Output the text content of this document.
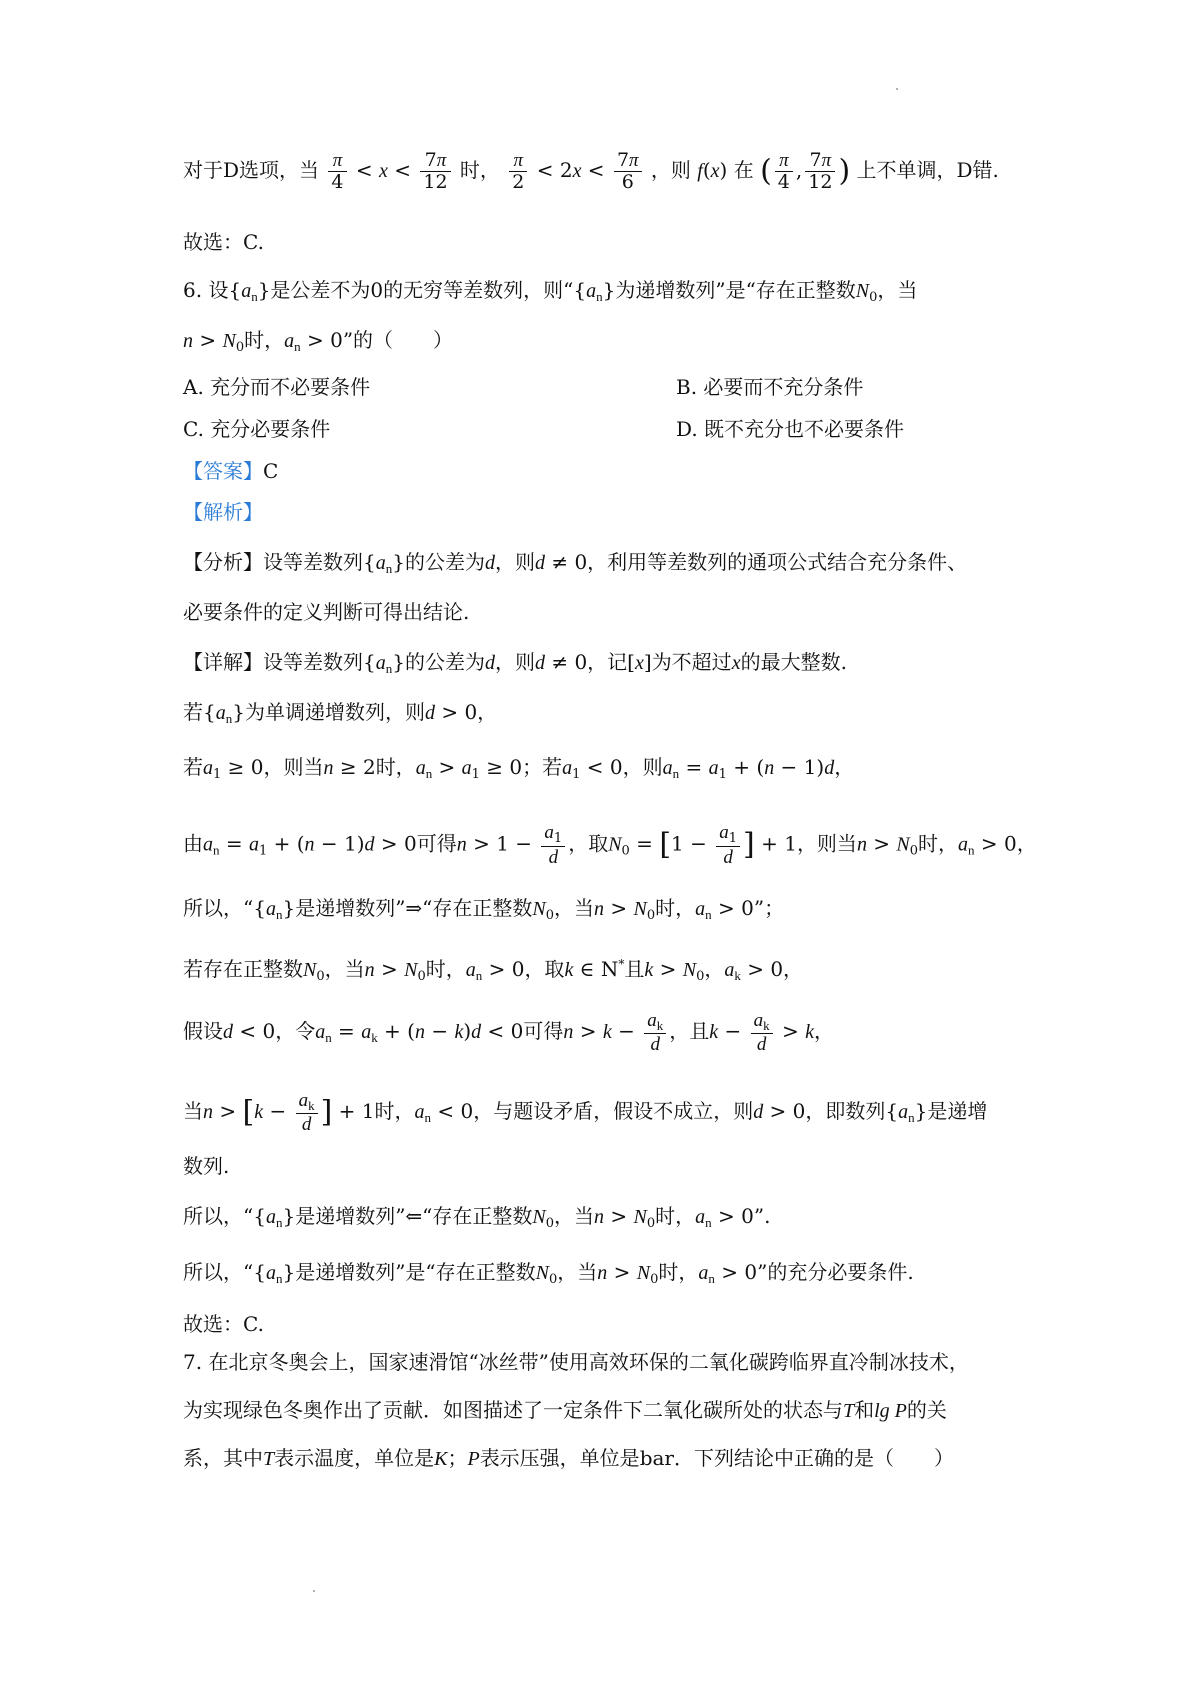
对于D选项，当 $\frac{\pi}{4} < x < \frac{7\pi}{12}$ 时， $\frac{\pi}{2} < 2x < \frac{7\pi}{6}$ ，则 f(x) 在 ( $\frac{\pi}{4}$ , $\frac{7\pi}{12}$ ) 上不单调，D错.
故选：C.
6. 设$\{a_n\}$是公差不为0的无穷等差数列，则“$\{a_n\}$为递增数列”是“存在正整数$N_0$，当
$n > N_0$时，$a_n > 0$”的（　　）
A. 充分而不必要条件	B. 必要而不充分条件
C. 充分必要条件	D. 既不充分也不必要条件
【答案】C
【解析】
【分析】设等差数列$\{a_n\}$的公差为d，则d ≠ 0，利用等差数列的通项公式结合充分条件、
必要条件的定义判断可得出结论.
【详解】设等差数列$\{a_n\}$的公差为d，则d ≠ 0，记[x]为不超过x的最大整数.
若$\{a_n\}$为单调递增数列，则d > 0，
若$a_1 \ge 0$，则当n ≥ 2时，$a_n > a_1 \ge 0$；若$a_1 < 0$，则$a_n = a_1 + (n - 1)d$，
由$a_n = a_1 + (n - 1)d > 0$可得$n > 1 - \frac{a_1}{d}$ ，取$N_0 = [1 - \frac{a_1}{d}$ ] + 1，则当$n > N_0$时，$a_n > 0$，
所以，“$\{a_n\}$是递增数列”⇒“存在正整数$N_0$，当$n > N_0$时，$a_n > 0$”；
若存在正整数$N_0$，当$n > N_0$时，$a_n > 0$，取k ∈ N*且$k > N_0$，$a_k > 0$，
假设d < 0，令$a_n = a_k + (n - k)d < 0$可得$n > k - \frac{a_k}{d}$ ，且$k - \frac{a_k}{d} > k$，
当$n > [k - \frac{a_k}{d}$ ] + 1时，$a_n < 0$，与题设矛盾，假设不成立，则d > 0，即数列$\{a_n\}$是递增
数列.
所以，“$\{a_n\}$是递增数列”⇐“存在正整数$N_0$，当$n > N_0$时，$a_n > 0$”.
所以，“$\{a_n\}$是递增数列”是“存在正整数$N_0$，当$n > N_0$时，$a_n > 0$”的充分必要条件.
故选：C.
7. 在北京冬奥会上，国家速滑馆“冰丝带”使用高效环保的二氧化碳跨临界直冷制冰技术，
为实现绿色冬奥作出了贡献．如图描述了一定条件下二氧化碳所处的状态与T和lg P的关
系，其中T表示温度，单位是K；P表示压强，单位是bar．下列结论中正确的是（　　）
